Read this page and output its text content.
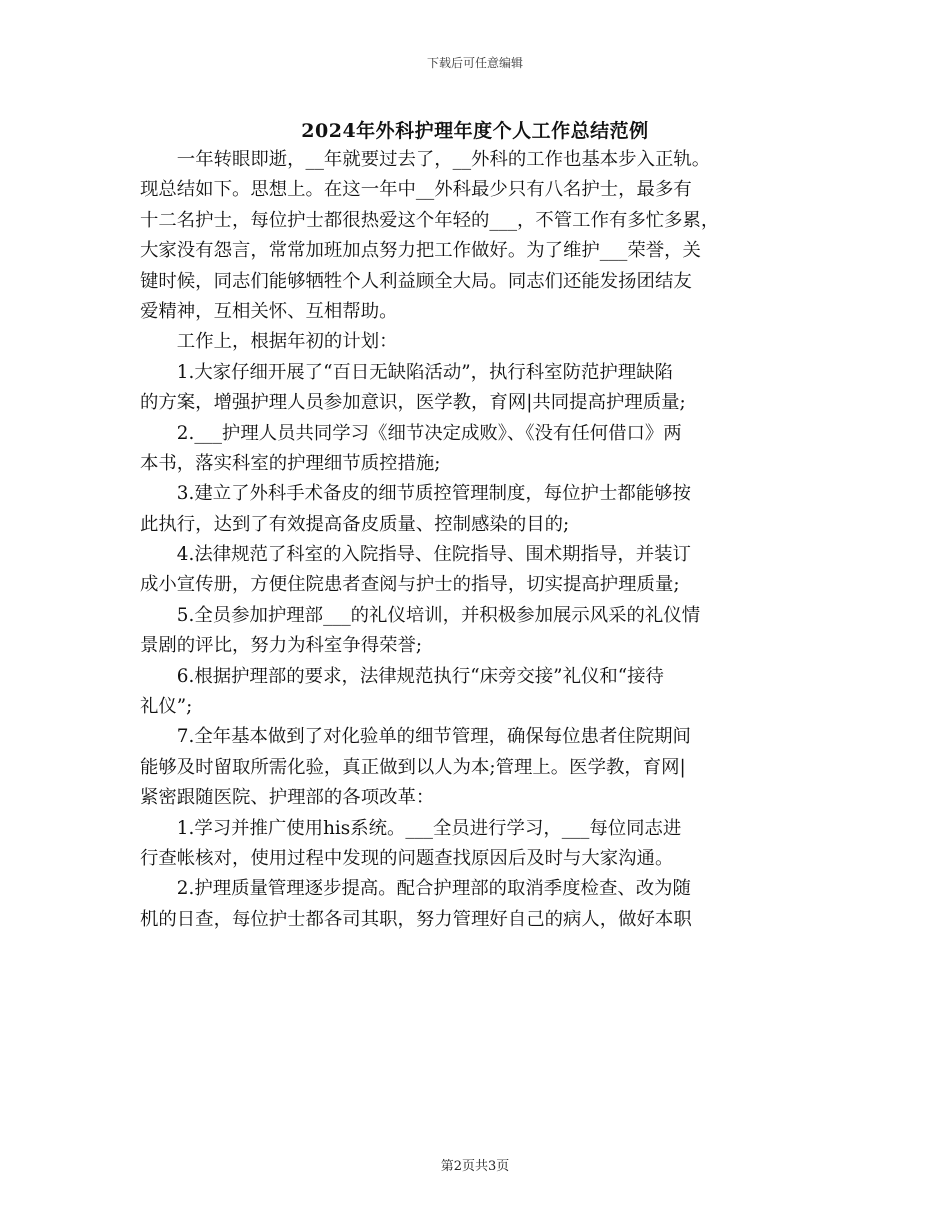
下载后可任意编辑
2024年外科护理年度个人工作总结范例

一年转眼即逝，__年就要过去了，__外科的工作也基本步入正轨。
现总结如下。思想上。在这一年中__外科最少只有八名护士，最多有
十二名护士，每位护士都很热爱这个年轻的___，不管工作有多忙多累，
大家没有怨言，常常加班加点努力把工作做好。为了维护___荣誉，关
键时候，同志们能够牺牲个人利益顾全大局。同志们还能发扬团结友
爱精神，互相关怀、互相帮助。

工作上，根据年初的计划：

1.大家仔细开展了“百日无缺陷活动”，执行科室防范护理缺陷
的方案，增强护理人员参加意识，医学教，育网|共同提高护理质量;

2.___护理人员共同学习《细节决定成败》、《没有任何借口》两
本书，落实科室的护理细节质控措施;

3.建立了外科手术备皮的细节质控管理制度，每位护士都能够按
此执行，达到了有效提高备皮质量、控制感染的目的;

4.法律规范了科室的入院指导、住院指导、围术期指导，并装订
成小宣传册，方便住院患者查阅与护士的指导，切实提高护理质量;

5.全员参加护理部___的礼仪培训，并积极参加展示风采的礼仪情
景剧的评比，努力为科室争得荣誉;

6.根据护理部的要求，法律规范执行“床旁交接”礼仪和“接待
礼仪”;

7.全年基本做到了对化验单的细节管理，确保每位患者住院期间
能够及时留取所需化验，真正做到以人为本;管理上。医学教，育网|
紧密跟随医院、护理部的各项改革：

1.学习并推广使用his系统。___全员进行学习，___每位同志进
行查帐核对，使用过程中发现的问题查找原因后及时与大家沟通。

2.护理质量管理逐步提高。配合护理部的取消季度检查、改为随
机的日查，每位护士都各司其职，努力管理好自己的病人，做好本职

第2页共3页
